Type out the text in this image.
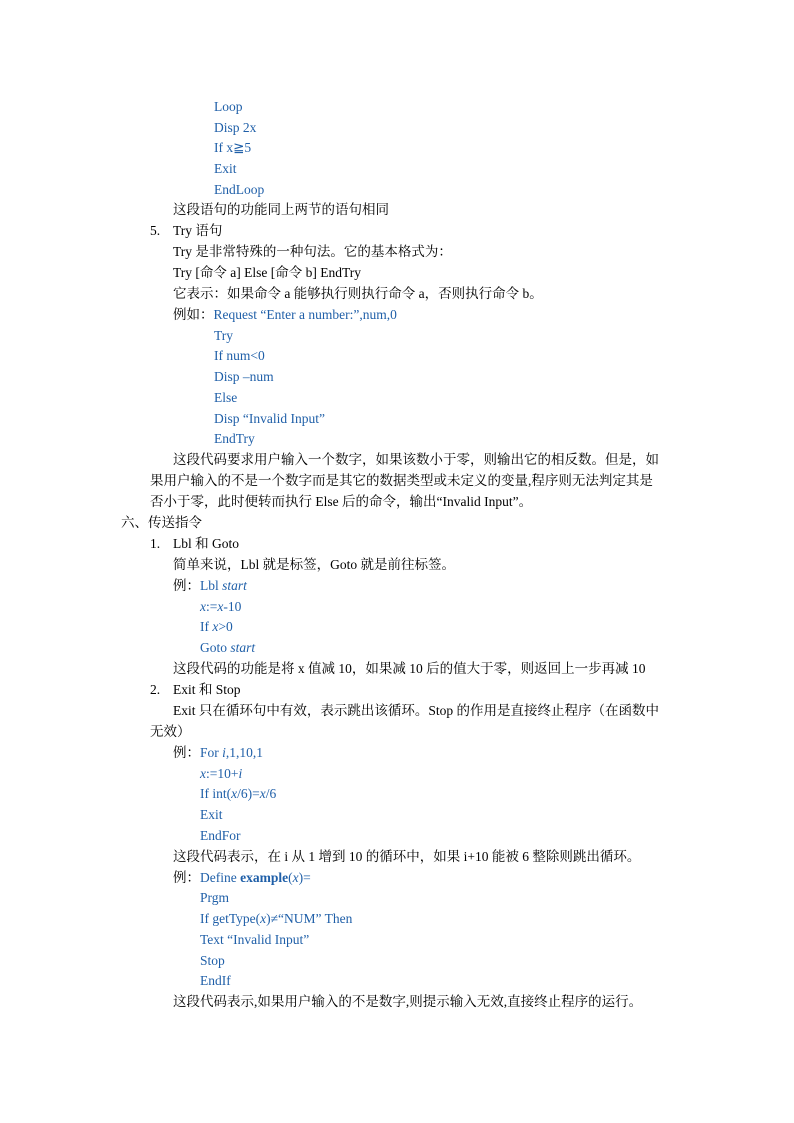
Loop
Disp 2x
If x≧5
Exit
EndLoop
这段语句的功能同上两节的语句相同
5. Try 语句
Try 是非常特殊的一种句法。它的基本格式为：
Try [命令 a] Else [命令 b] EndTry
它表示：如果命令 a 能够执行则执行命令 a，否则执行命令 b。
例如：Request “Enter a number:”,num,0
Try
If num<0
Disp –num
Else
Disp “Invalid Input”
EndTry
这段代码要求用户输入一个数字，如果该数小于零，则输出它的相反数。但是，如
果用户输入的不是一个数字而是其它的数据类型或未定义的变量,程序则无法判定其是
否小于零，此时便转而执行 Else 后的命令，输出“Invalid Input”。
六、传送指令
1. Lbl 和 Goto
简单来说，Lbl 就是标签，Goto 就是前往标签。
例：Lbl start
x:=x-10
If x>0
Goto start
这段代码的功能是将 x 值减 10，如果减 10 后的值大于零，则返回上一步再减 10
2. Exit 和 Stop
Exit 只在循环句中有效，表示跳出该循环。Stop 的作用是直接终止程序（在函数中
无效）
例：For i,1,10,1
x:=10+i
If int(x/6)=x/6
Exit
EndFor
这段代码表示，在 i 从 1 增到 10 的循环中，如果 i+10 能被 6 整除则跳出循环。
例：Define example(x)=
Prgm
If getType(x)≠“NUM” Then
Text “Invalid Input”
Stop
EndIf
这段代码表示,如果用户输入的不是数字,则提示输入无效,直接终止程序的运行。
